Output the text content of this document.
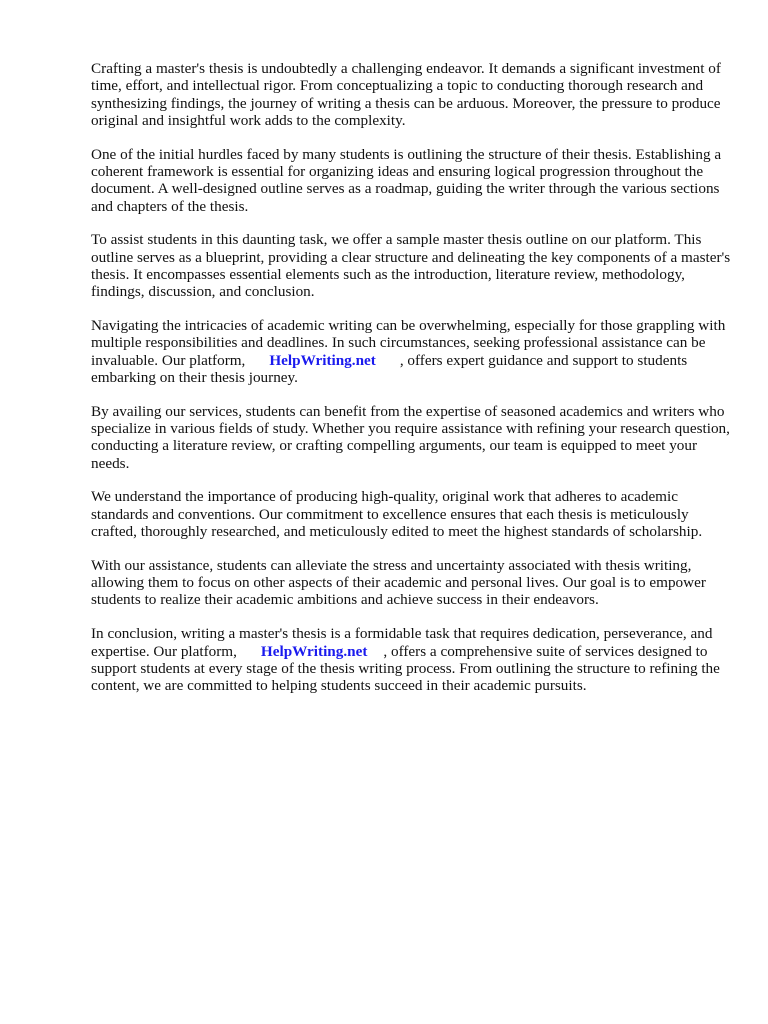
Crafting a master's thesis is undoubtedly a challenging endeavor. It demands a significant investment of time, effort, and intellectual rigor. From conceptualizing a topic to conducting thorough research and synthesizing findings, the journey of writing a thesis can be arduous. Moreover, the pressure to produce original and insightful work adds to the complexity.

One of the initial hurdles faced by many students is outlining the structure of their thesis. Establishing a coherent framework is essential for organizing ideas and ensuring logical progression throughout the document. A well-designed outline serves as a roadmap, guiding the writer through the various sections and chapters of the thesis.

To assist students in this daunting task, we offer a sample master thesis outline on our platform. This outline serves as a blueprint, providing a clear structure and delineating the key components of a master's thesis. It encompasses essential elements such as the introduction, literature review, methodology, findings, discussion, and conclusion.

Navigating the intricacies of academic writing can be overwhelming, especially for those grappling with multiple responsibilities and deadlines. In such circumstances, seeking professional assistance can be invaluable. Our platform, HelpWriting.net , offers expert guidance and support to students embarking on their thesis journey.

By availing our services, students can benefit from the expertise of seasoned academics and writers who specialize in various fields of study. Whether you require assistance with refining your research question, conducting a literature review, or crafting compelling arguments, our team is equipped to meet your needs.

We understand the importance of producing high-quality, original work that adheres to academic standards and conventions. Our commitment to excellence ensures that each thesis is meticulously crafted, thoroughly researched, and meticulously edited to meet the highest standards of scholarship.

With our assistance, students can alleviate the stress and uncertainty associated with thesis writing, allowing them to focus on other aspects of their academic and personal lives. Our goal is to empower students to realize their academic ambitions and achieve success in their endeavors.

In conclusion, writing a master's thesis is a formidable task that requires dedication, perseverance, and expertise. Our platform, HelpWriting.net , offers a comprehensive suite of services designed to support students at every stage of the thesis writing process. From outlining the structure to refining the content, we are committed to helping students succeed in their academic pursuits.
